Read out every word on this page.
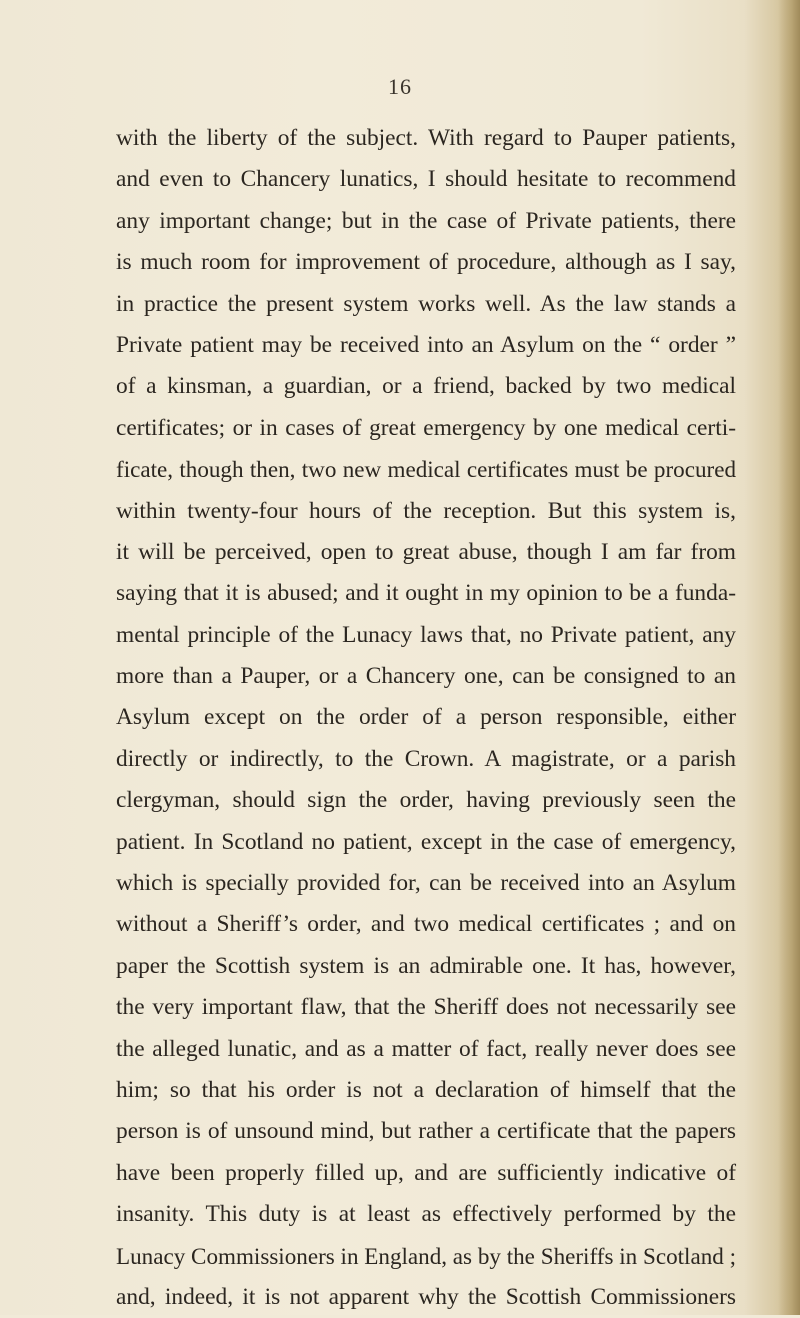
16
with the liberty of the subject. With regard to Pauper patients,
and even to Chancery lunatics, I should hesitate to recommend
any important change; but in the case of Private patients, there
is much room for improvement of procedure, although as I say,
in practice the present system works well. As the law stands a
Private patient may be received into an Asylum on the “ order ”
of a kinsman, a guardian, or a friend, backed by two medical
certificates; or in cases of great emergency by one medical certi-
ficate, though then, two new medical certificates must be procured
within twenty-four hours of the reception. But this system is,
it will be perceived, open to great abuse, though I am far from
saying that it is abused; and it ought in my opinion to be a funda-
mental principle of the Lunacy laws that, no Private patient, any
more than a Pauper, or a Chancery one, can be consigned to an
Asylum except on the order of a person responsible, either
directly or indirectly, to the Crown. A magistrate, or a parish
clergyman, should sign the order, having previously seen the
patient. In Scotland no patient, except in the case of emergency,
which is specially provided for, can be received into an Asylum
without a Sheriff’s order, and two medical certificates ; and on
paper the Scottish system is an admirable one. It has, however,
the very important flaw, that the Sheriff does not necessarily see
the alleged lunatic, and as a matter of fact, really never does see
him; so that his order is not a declaration of himself that the
person is of unsound mind, but rather a certificate that the papers
have been properly filled up, and are sufficiently indicative of
insanity. This duty is at least as effectively performed by the
Lunacy Commissioners in England, as by the Sheriffs in Scotland ;
and, indeed, it is not apparent why the Scottish Commissioners
